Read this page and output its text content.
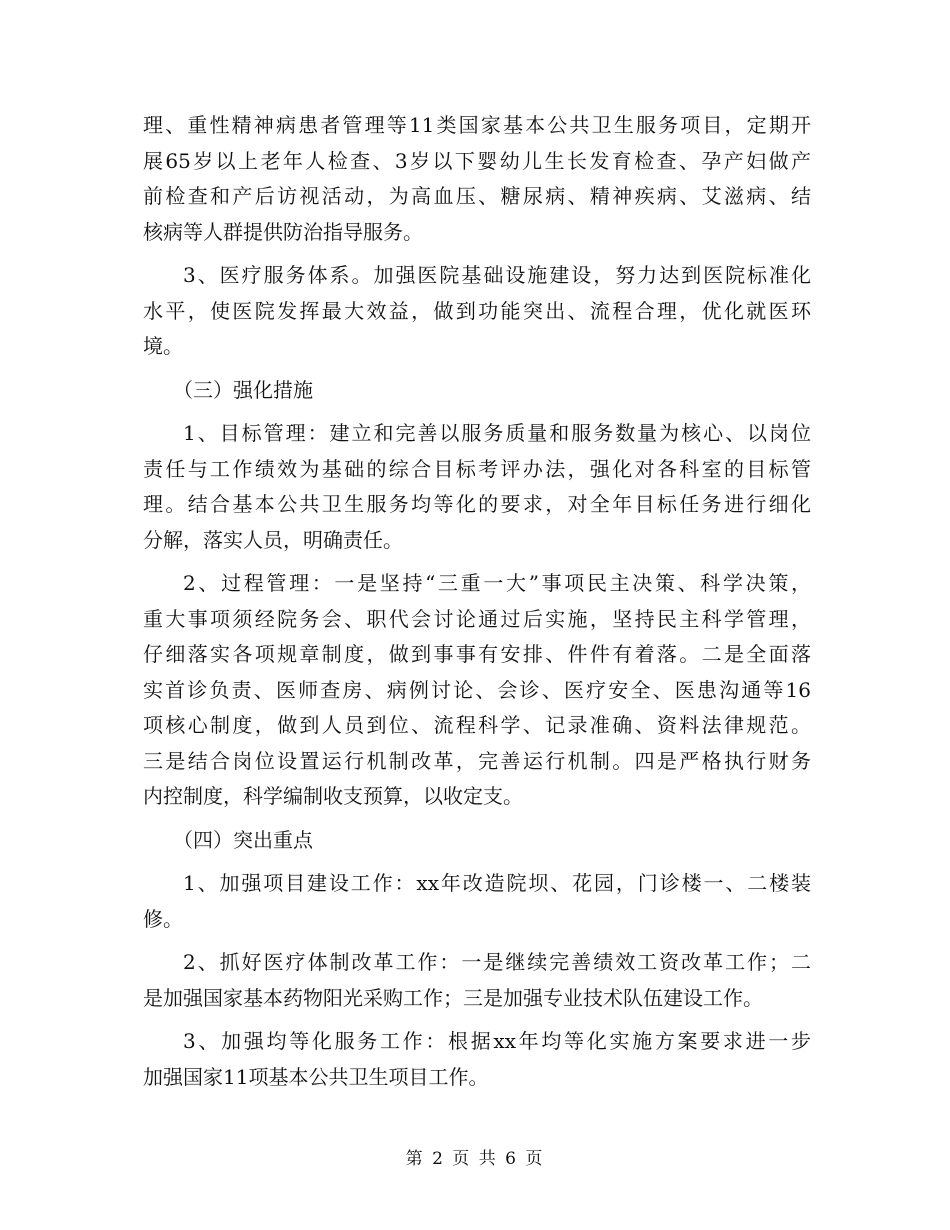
理、重性精神病患者管理等11类国家基本公共卫生服务项目，定期开
展65岁以上老年人检查、3岁以下婴幼儿生长发育检查、孕产妇做产
前检查和产后访视活动，为高血压、糖尿病、精神疾病、艾滋病、结
核病等人群提供防治指导服务。
3、医疗服务体系。加强医院基础设施建设，努力达到医院标准化
水平，使医院发挥最大效益，做到功能突出、流程合理，优化就医环
境。
（三）强化措施
1、目标管理：建立和完善以服务质量和服务数量为核心、以岗位
责任与工作绩效为基础的综合目标考评办法，强化对各科室的目标管
理。结合基本公共卫生服务均等化的要求，对全年目标任务进行细化
分解，落实人员，明确责任。
2、过程管理：一是坚持“三重一大”事项民主决策、科学决策，
重大事项须经院务会、职代会讨论通过后实施，坚持民主科学管理，
仔细落实各项规章制度，做到事事有安排、件件有着落。二是全面落
实首诊负责、医师查房、病例讨论、会诊、医疗安全、医患沟通等16
项核心制度，做到人员到位、流程科学、记录准确、资料法律规范。
三是结合岗位设置运行机制改革，完善运行机制。四是严格执行财务
内控制度，科学编制收支预算，以收定支。
（四）突出重点
1、加强项目建设工作：xx年改造院坝、花园，门诊楼一、二楼装
修。
2、抓好医疗体制改革工作：一是继续完善绩效工资改革工作；二
是加强国家基本药物阳光采购工作；三是加强专业技术队伍建设工作。
3、加强均等化服务工作：根据xx年均等化实施方案要求进一步
加强国家11项基本公共卫生项目工作。
第 2 页 共 6 页
